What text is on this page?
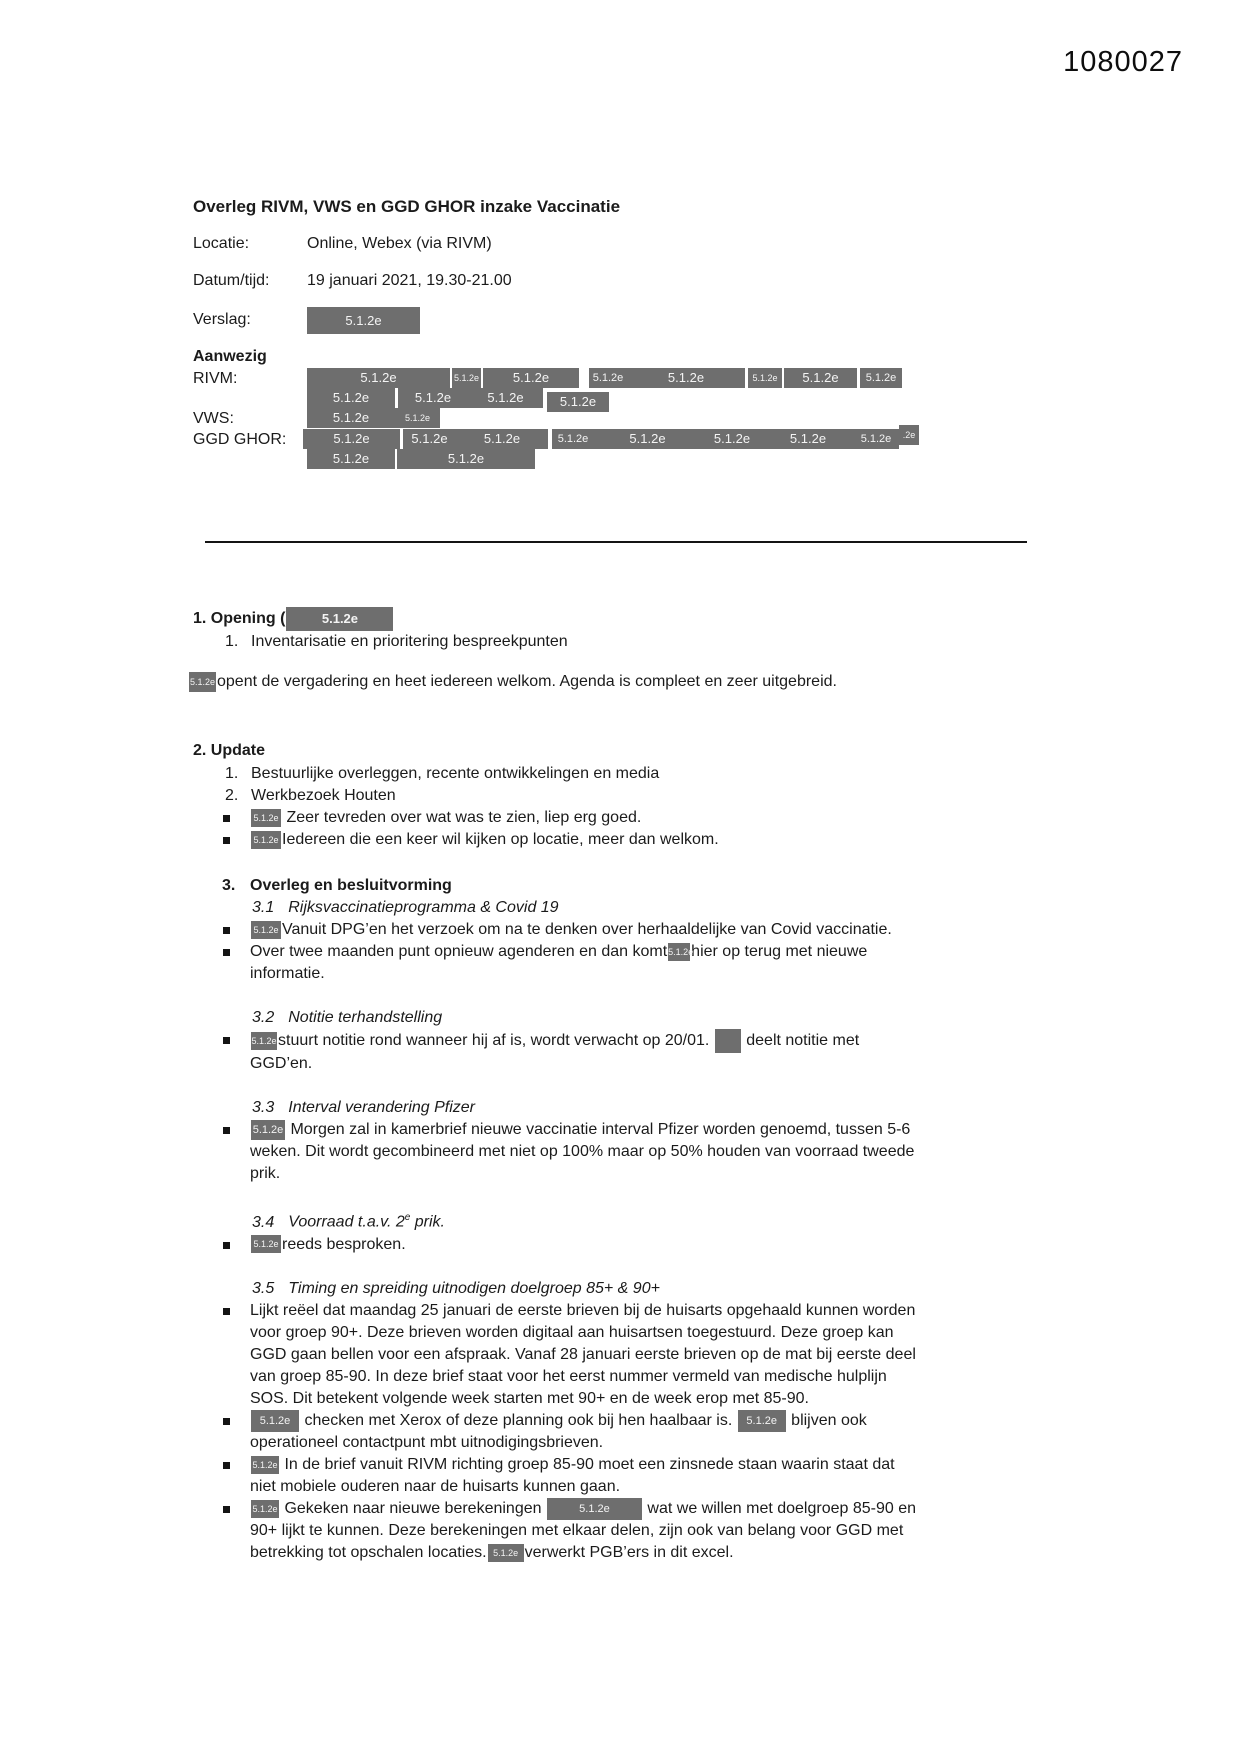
1080027
Overleg RIVM, VWS en GGD GHOR inzake Vaccinatie
Locatie:	Online, Webex (via RIVM)
Datum/tijd:	19 januari 2021, 19.30-21.00
Verslag:	5.1.2e
Aanwezig
RIVM:	5.1.2e	5.1.2e	5.1.2e	5.1.2e	5.1.2e	5.1.2e 5.1.2e 5.1.2e
5.1.2e	5.1.2e	5.1.2e	5.1.2e
VWS:	5.1.2e	5.1.2e
GGD GHOR:	5.1.2e	5.1.2e	5.1.2e	5.1.2e	5.1.2e	5.1.2e	5.1.2e	5.1.2e .2e
5.1.2e	5.1.2e
1. Opening (	5.1.2e
1. Inventarisatie en prioritering bespreekpunten
5.1.2e opent de vergadering en heet iedereen welkom. Agenda is compleet en zeer uitgebreid.
2. Update
1. Bestuurlijke overleggen, recente ontwikkelingen en media
2. Werkbezoek Houten
5.1.2e Zeer tevreden over wat was te zien, liep erg goed.
5.1.2e Iedereen die een keer wil kijken op locatie, meer dan welkom.
3. Overleg en besluitvorming
3.1 Rijksvaccinatieprogramma & Covid 19
5.1.2e Vanuit DPG’en het verzoek om na te denken over herhaaldelijke van Covid vaccinatie.
Over twee maanden punt opnieuw agenderen en dan komt5.1.2ehier op terug met nieuwe informatie.
3.2 Notitie terhandstelling
5.1.2estuurt notitie rond wanneer hij af is, wordt verwacht op 20/01.  deelt notitie met GGD’en.
3.3 Interval verandering Pfizer
5.1.2e Morgen zal in kamerbrief nieuwe vaccinatie interval Pfizer worden genoemd, tussen 5-6 weken. Dit wordt gecombineerd met niet op 100% maar op 50% houden van voorraad tweede prik.
3.4 Voorraad t.a.v. 2e prik.
5.1.2e reeds besproken.
3.5 Timing en spreiding uitnodigen doelgroep 85+ & 90+
Lijkt reëel dat maandag 25 januari de eerste brieven bij de huisarts opgehaald kunnen worden voor groep 90+. Deze brieven worden digitaal aan huisartsen toegestuurd. Deze groep kan GGD gaan bellen voor een afspraak. Vanaf 28 januari eerste brieven op de mat bij eerste deel van groep 85-90. In deze brief staat voor het eerst nummer vermeld van medische hulplijn SOS. Dit betekent volgende week starten met 90+ en de week erop met 85-90.
5.1.2e checken met Xerox of deze planning ook bij hen haalbaar is. 5.1.2e blijven ook operationeel contactpunt mbt uitnodigingsbrieven.
5.1.2e In de brief vanuit RIVM richting groep 85-90 moet een zinsnede staan waarin staat dat niet mobiele ouderen naar de huisarts kunnen gaan.
5.1.2e Gekeken naar nieuwe berekeningen	5.1.2e wat we willen met doelgroep 85-90 en 90+ lijkt te kunnen. Deze berekeningen met elkaar delen, zijn ook van belang voor GGD met betrekking tot opschalen locaties. 5.1.2e verwerkt PGB’ers in dit excel.
